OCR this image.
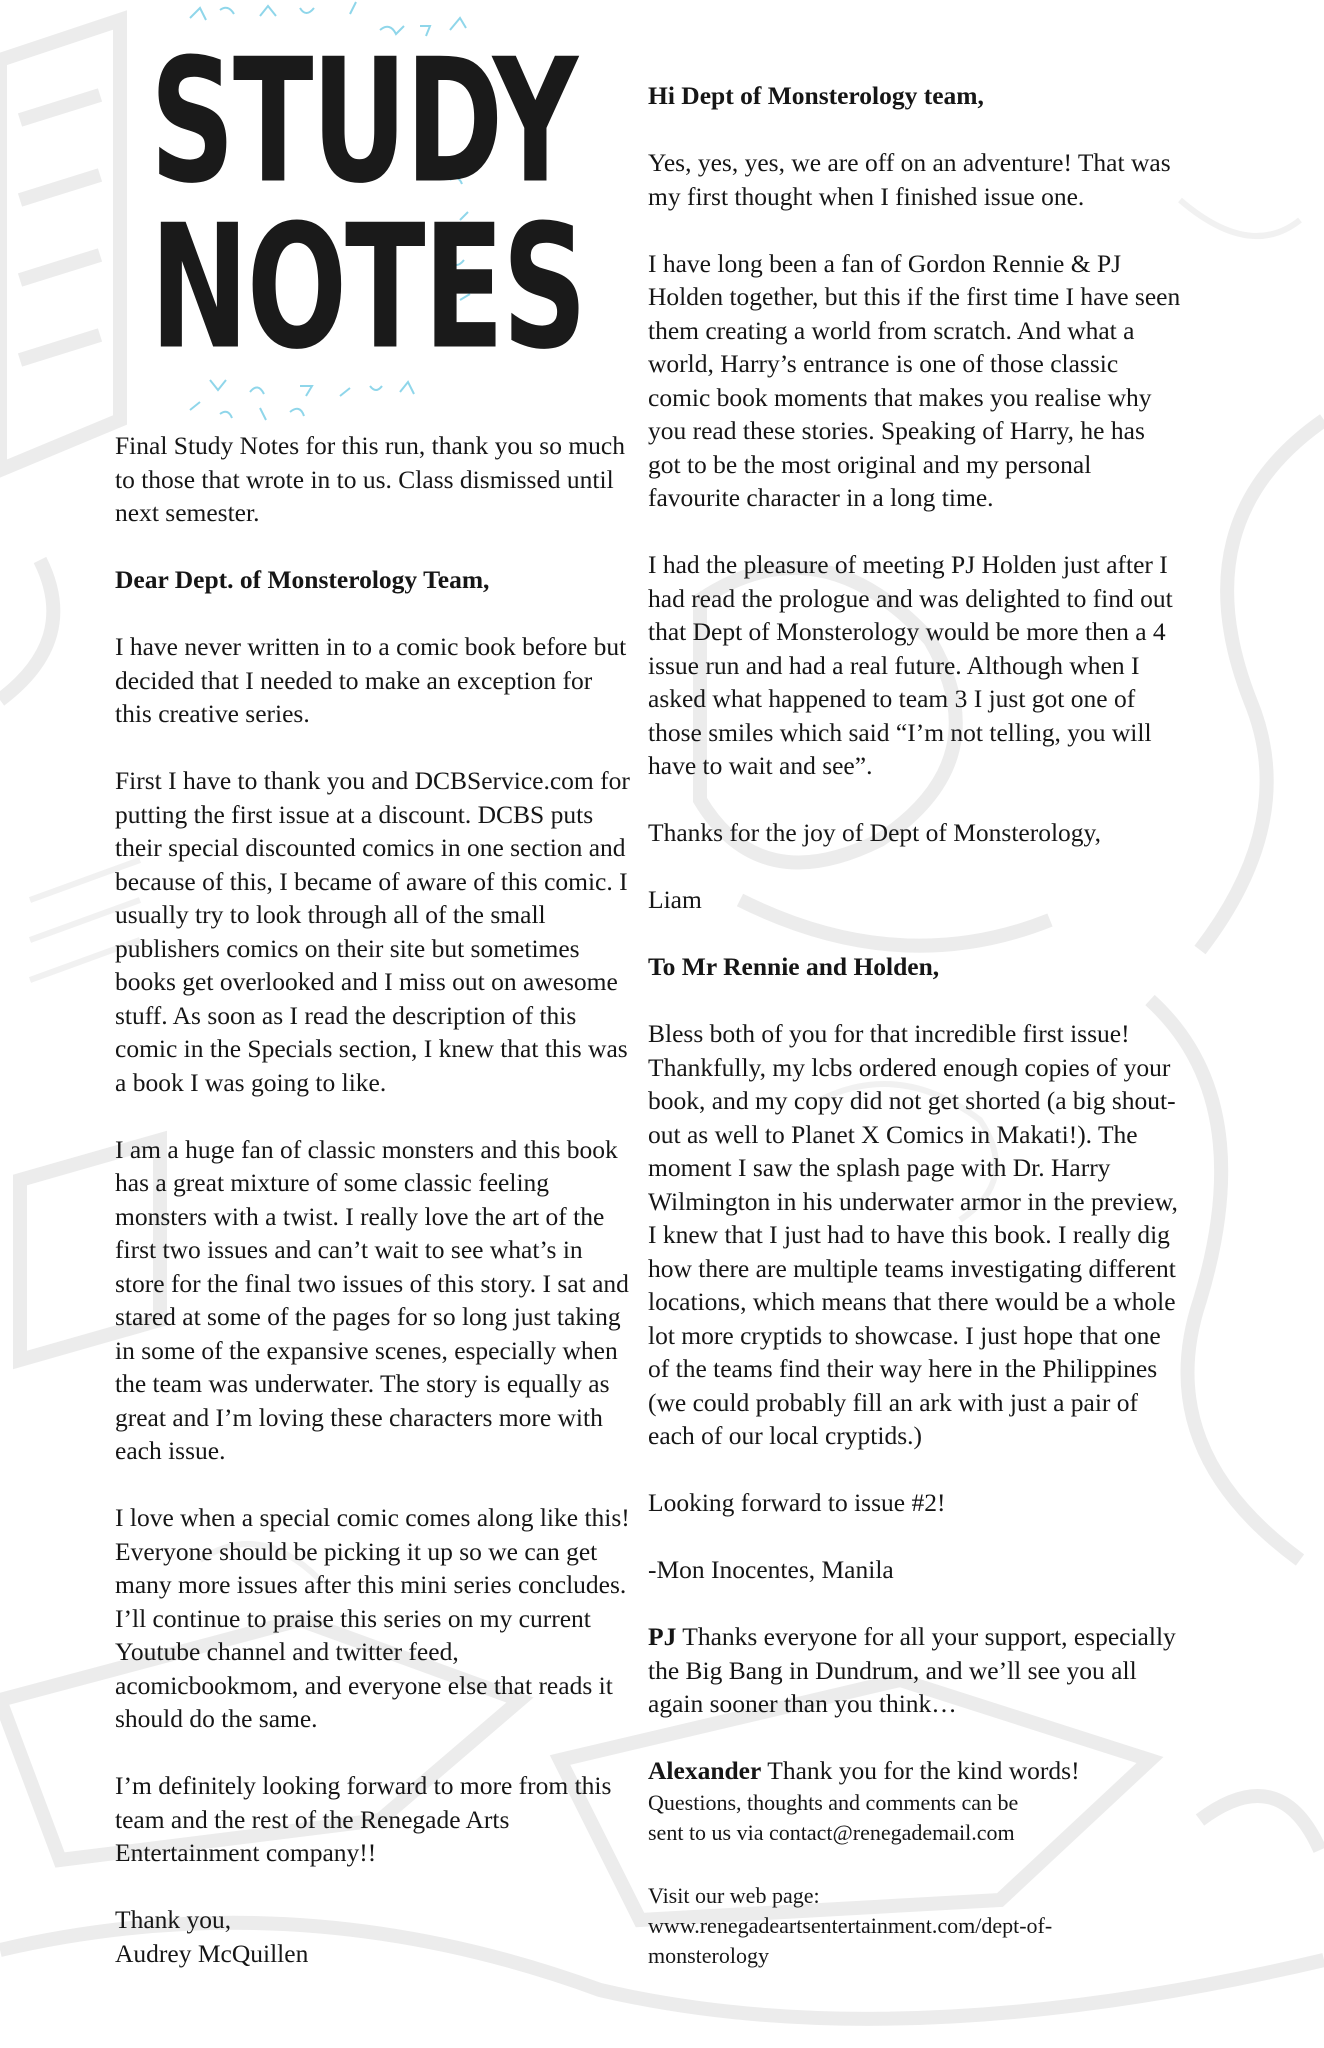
STUDY
NOTES

Final Study Notes for this run, thank you so much to those that wrote in to us. Class dismissed until next semester.

Dear Dept. of Monsterology Team,

I have never written in to a comic book before but decided that I needed to make an exception for this creative series.

First I have to thank you and DCBService.com for putting the first issue at a discount. DCBS puts their special discounted comics in one section and because of this, I became of aware of this comic. I usually try to look through all of the small publishers comics on their site but sometimes books get overlooked and I miss out on awesome stuff. As soon as I read the description of this comic in the Specials section, I knew that this was a book I was going to like.

I am a huge fan of classic monsters and this book has a great mixture of some classic feeling monsters with a twist. I really love the art of the first two issues and can’t wait to see what’s in store for the final two issues of this story. I sat and stared at some of the pages for so long just taking in some of the expansive scenes, especially when the team was underwater. The story is equally as great and I’m loving these characters more with each issue.

I love when a special comic comes along like this! Everyone should be picking it up so we can get many more issues after this mini series concludes. I’ll continue to praise this series on my current Youtube channel and twitter feed, acomicbookmom, and everyone else that reads it should do the same.

I’m definitely looking forward to more from this team and the rest of the Renegade Arts Entertainment company!!

Thank you,

Audrey McQuillen

Hi Dept of Monsterology team,

Yes, yes, yes, we are off on an adventure! That was my first thought when I finished issue one.

I have long been a fan of Gordon Rennie & PJ Holden together, but this if the first time I have seen them creating a world from scratch. And what a world, Harry’s entrance is one of those classic comic book moments that makes you realise why you read these stories. Speaking of Harry, he has got to be the most original and my personal favourite character in a long time.

I had the pleasure of meeting PJ Holden just after I had read the prologue and was delighted to find out that Dept of Monsterology would be more then a 4 issue run and had a real future. Although when I asked what happened to team 3 I just got one of those smiles which said “I’m not telling, you will have to wait and see”.

Thanks for the joy of Dept of Monsterology,

Liam

To Mr Rennie and Holden,

Bless both of you for that incredible first issue! Thankfully, my lcbs ordered enough copies of your book, and my copy did not get shorted (a big shout-out as well to Planet X Comics in Makati!). The moment I saw the splash page with Dr. Harry Wilmington in his underwater armor in the preview, I knew that I just had to have this book. I really dig how there are multiple teams investigating different locations, which means that there would be a whole lot more cryptids to showcase. I just hope that one of the teams find their way here in the Philippines (we could probably fill an ark with just a pair of each of our local cryptids.)

Looking forward to issue #2!

-Mon Inocentes, Manila

PJ Thanks everyone for all your support, especially the Big Bang in Dundrum, and we’ll see you all again sooner than you think…

Alexander Thank you for the kind words!

Questions, thoughts and comments can be

sent to us via contact@renegademail.com

Visit our web page:

www.renegadeartsentertainment.com/dept-of-

monsterology
